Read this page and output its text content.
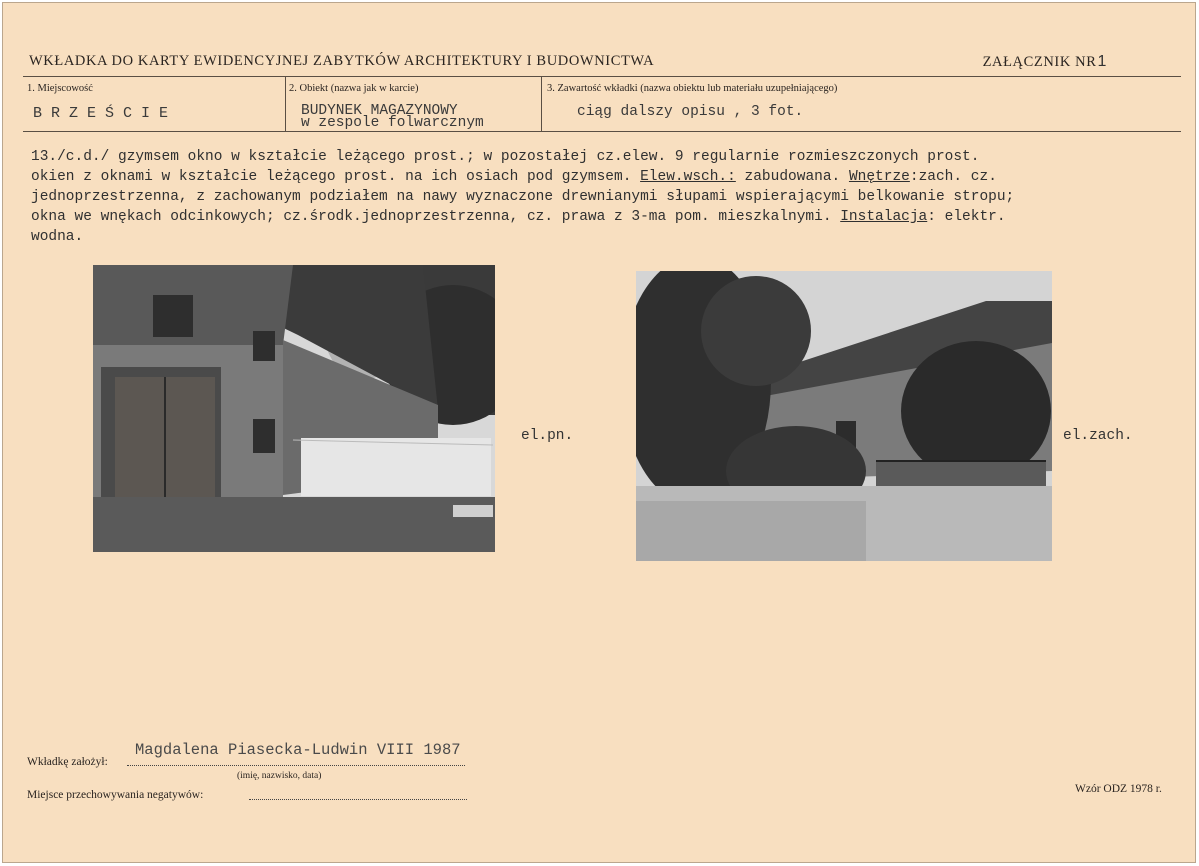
WKŁADKA DO KARTY EWIDENCYJNEJ ZABYTKÓW ARCHITEKTURY I BUDOWNICTWA	ZAŁĄCZNIK NR1
1. Miejscowość
BRZEŚCIE
2. Obiekt (nazwa jak w karcie)
BUDYNEK MAGAZYNOWY
w zespole folwarcznym
3. Zawartość wkładki (nazwa obiektu lub materiału uzupełniającego)
ciąg dalszy opisu , 3 fot.
13./c.d./ gzymsem okno w kształcie leżącego prost.; w pozostałej cz.elew. 9 regularnie rozmieszczonych prost.
okien z oknami w kształcie leżącego prost. na ich osiach pod gzymsem. Elew.wsch.: zabudowana. Wnętrze:zach. cz.
jednoprzestrzenna, z zachowanym podziałem na nawy wyznaczone drewnianymi słupami wspierającymi belkowanie stropu;
okna we wnękach odcinkowych; cz.środk.jednoprzestrzenna, cz. prawa z 3-ma pom. mieszkalnymi. Instalacja: elektr.
wodna.
el.pn.	el.zach.
Wkładkę założył:
Magdalena Piasecka-Ludwin VIII 1987
(imię, nazwisko, data)
Miejsce przechowywania negatywów:	Wzór ODZ 1978 r.
